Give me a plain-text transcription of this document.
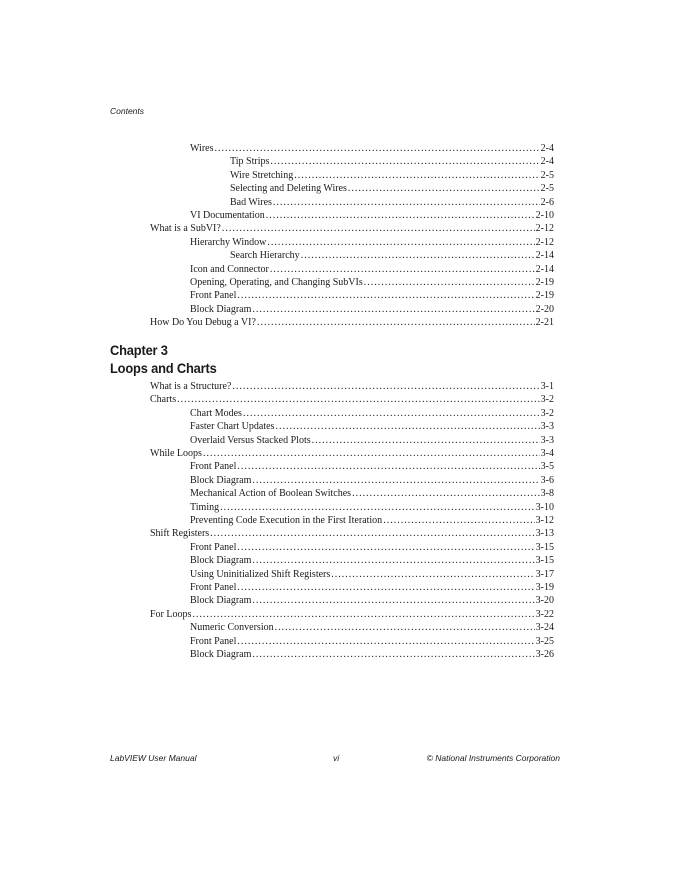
Contents
Wires .....	2-4
Tip Strips .....	2-4
Wire Stretching .....	2-5
Selecting and Deleting Wires .....	2-5
Bad Wires .....	2-6
VI Documentation .....	2-10
What is a SubVI? .....	2-12
Hierarchy Window .....	2-12
Search Hierarchy .....	2-14
Icon and Connector .....	2-14
Opening, Operating, and Changing SubVIs .....	2-19
Front Panel .....	2-19
Block Diagram .....	2-20
How Do You Debug a VI? .....	2-21
Chapter 3
Loops and Charts
What is a Structure? .....	3-1
Charts .....	3-2
Chart Modes .....	3-2
Faster Chart Updates .....	3-3
Overlaid Versus Stacked Plots .....	3-3
While Loops .....	3-4
Front Panel .....	3-5
Block Diagram .....	3-6
Mechanical Action of Boolean Switches .....	3-8
Timing .....	3-10
Preventing Code Execution in the First Iteration .....	3-12
Shift Registers .....	3-13
Front Panel .....	3-15
Block Diagram .....	3-15
Using Uninitialized Shift Registers .....	3-17
Front Panel .....	3-19
Block Diagram .....	3-20
For Loops .....	3-22
Numeric Conversion .....	3-24
Front Panel .....	3-25
Block Diagram .....	3-26
LabVIEW User Manual	vi	© National Instruments Corporation
